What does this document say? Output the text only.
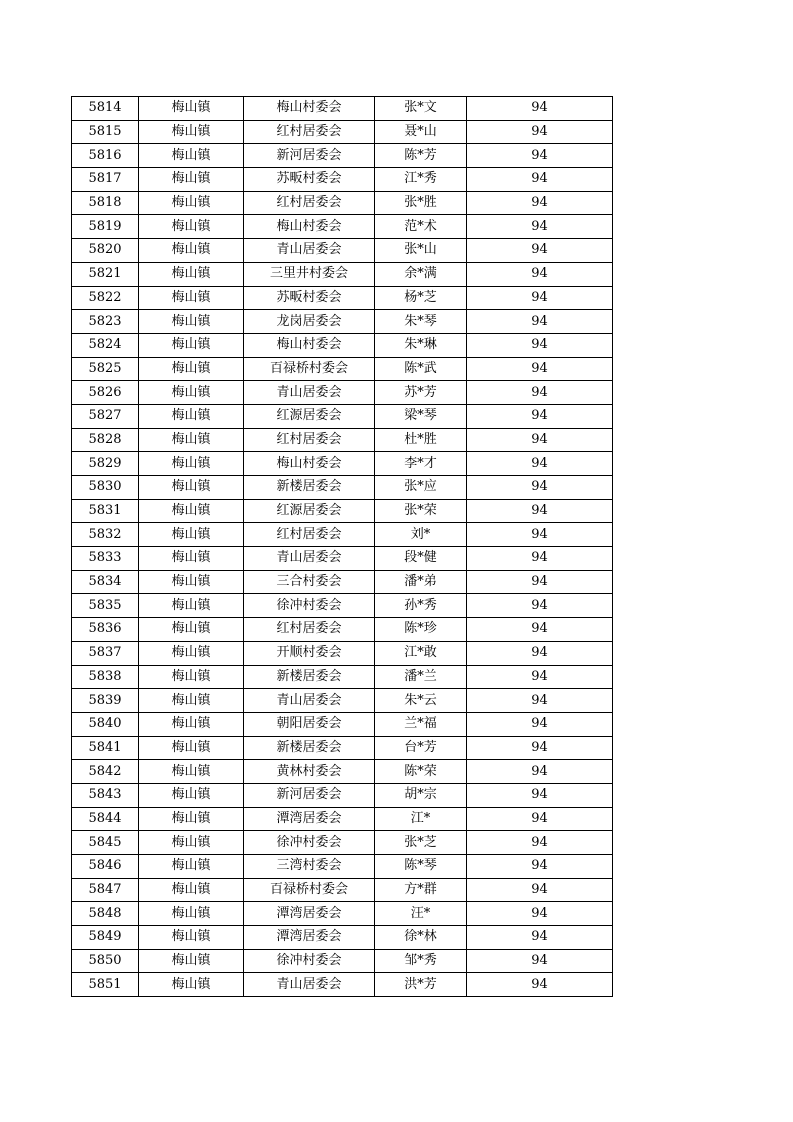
5814	梅山镇	梅山村委会	张*文	94
5815	梅山镇	红村居委会	聂*山	94
5816	梅山镇	新河居委会	陈*芳	94
5817	梅山镇	苏畈村委会	江*秀	94
5818	梅山镇	红村居委会	张*胜	94
5819	梅山镇	梅山村委会	范*术	94
5820	梅山镇	青山居委会	张*山	94
5821	梅山镇	三里井村委会	余*满	94
5822	梅山镇	苏畈村委会	杨*芝	94
5823	梅山镇	龙岗居委会	朱*琴	94
5824	梅山镇	梅山村委会	朱*琳	94
5825	梅山镇	百禄桥村委会	陈*武	94
5826	梅山镇	青山居委会	苏*芳	94
5827	梅山镇	红源居委会	梁*琴	94
5828	梅山镇	红村居委会	杜*胜	94
5829	梅山镇	梅山村委会	李*才	94
5830	梅山镇	新楼居委会	张*应	94
5831	梅山镇	红源居委会	张*荣	94
5832	梅山镇	红村居委会	刘*	94
5833	梅山镇	青山居委会	段*健	94
5834	梅山镇	三合村委会	潘*弟	94
5835	梅山镇	徐冲村委会	孙*秀	94
5836	梅山镇	红村居委会	陈*珍	94
5837	梅山镇	开顺村委会	江*敢	94
5838	梅山镇	新楼居委会	潘*兰	94
5839	梅山镇	青山居委会	朱*云	94
5840	梅山镇	朝阳居委会	兰*福	94
5841	梅山镇	新楼居委会	台*芳	94
5842	梅山镇	黄林村委会	陈*荣	94
5843	梅山镇	新河居委会	胡*宗	94
5844	梅山镇	潭湾居委会	江*	94
5845	梅山镇	徐冲村委会	张*芝	94
5846	梅山镇	三湾村委会	陈*琴	94
5847	梅山镇	百禄桥村委会	方*群	94
5848	梅山镇	潭湾居委会	汪*	94
5849	梅山镇	潭湾居委会	徐*林	94
5850	梅山镇	徐冲村委会	邹*秀	94
5851	梅山镇	青山居委会	洪*芳	94
